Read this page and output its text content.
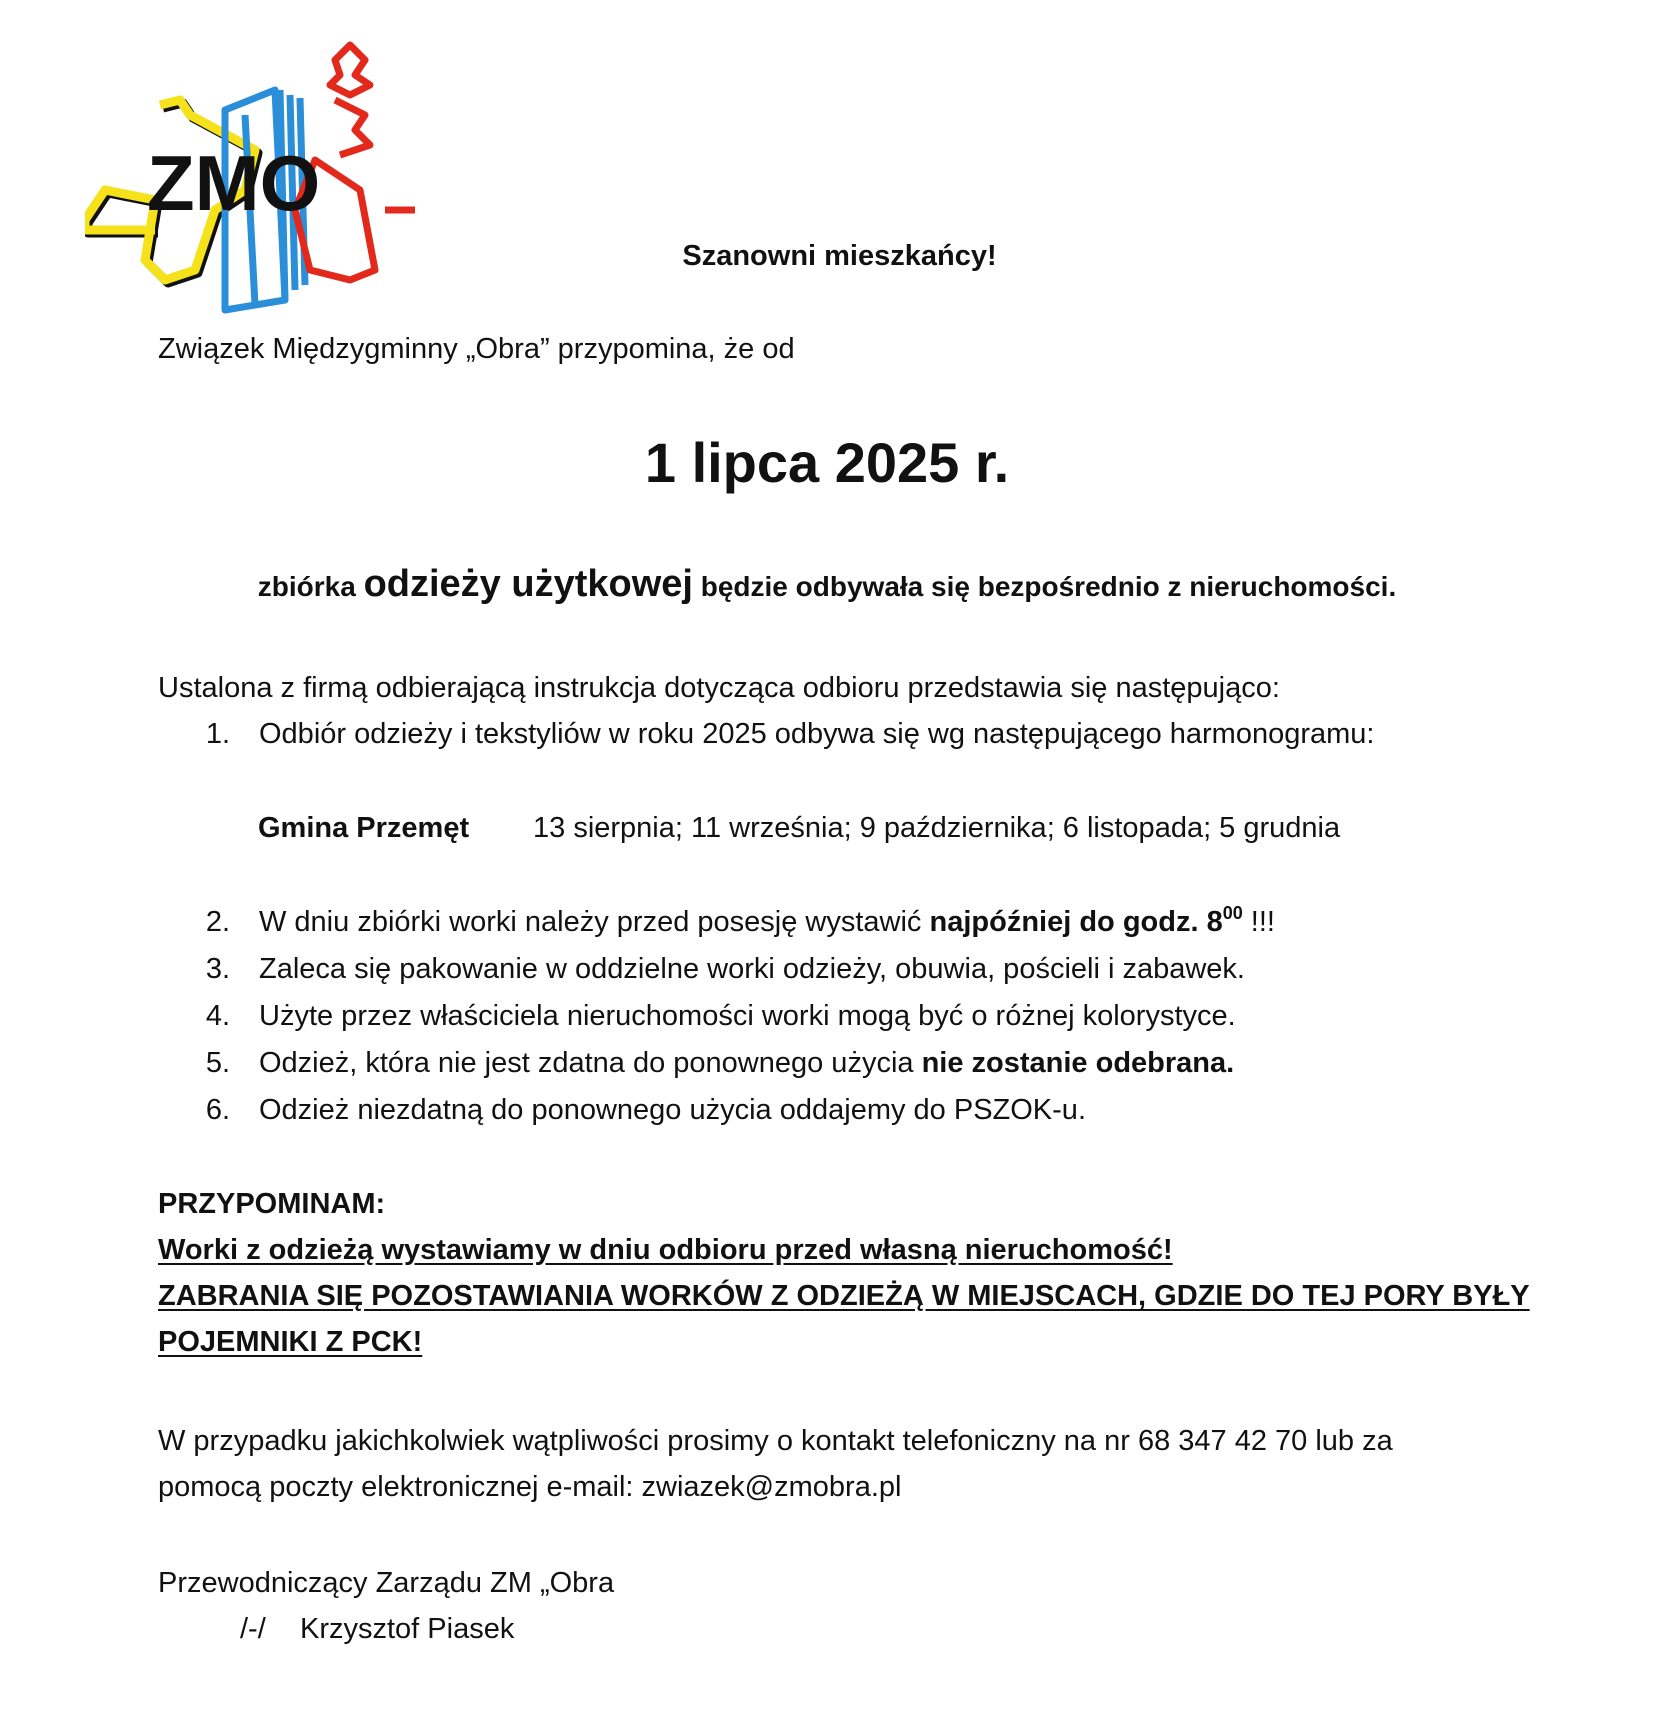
ZMO
Szanowni mieszkańcy!
Związek Międzygminny „Obra” przypomina, że od
1 lipca 2025 r.
zbiórka odzieży użytkowej będzie odbywała się bezpośrednio z nieruchomości.
Ustalona z firmą odbierającą instrukcja dotycząca odbioru przedstawia się następująco:
1. Odbiór odzieży i tekstyliów w roku 2025 odbywa się wg następującego harmonogramu:
Gmina Przemęt 13 sierpnia; 11 września; 9 października; 6 listopada; 5 grudnia
2. W dniu zbiórki worki należy przed posesję wystawić najpóźniej do godz. $8^{00}$ !!!
3. Zaleca się pakowanie w oddzielne worki odzieży, obuwia, pościeli i zabawek.
4. Użyte przez właściciela nieruchomości worki mogą być o różnej kolorystyce.
5. Odzież, która nie jest zdatna do ponownego użycia nie zostanie odebrana.
6. Odzież niezdatną do ponownego użycia oddajemy do PSZOK-u.
PRZYPOMINAM:
Worki z odzieżą wystawiamy w dniu odbioru przed własną nieruchomość!
ZABRANIA SIĘ POZOSTAWIANIA WORKÓW Z ODZIEŻĄ W MIEJSCACH, GDZIE DO TEJ PORY BYŁY
POJEMNIKI Z PCK!
W przypadku jakichkolwiek wątpliwości prosimy o kontakt telefoniczny na nr 68 347 42 70 lub za
pomocą poczty elektronicznej e-mail: zwiazek@zmobra.pl
Przewodniczący Zarządu ZM „Obra
/-/ Krzysztof Piasek
